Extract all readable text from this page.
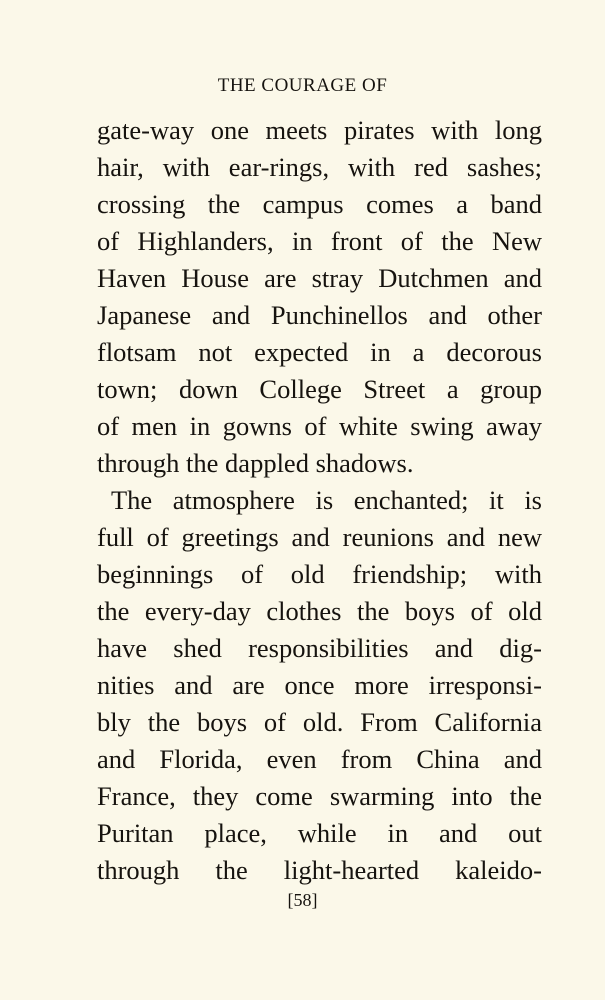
THE COURAGE OF
gate-way one meets pirates with long
hair, with ear-rings, with red sashes;
crossing the campus comes a band
of Highlanders, in front of the New
Haven House are stray Dutchmen and
Japanese and Punchinellos and other
flotsam not expected in a decorous
town; down College Street a group
of men in gowns of white swing away
through the dappled shadows.
The atmosphere is enchanted; it is
full of greetings and reunions and new
beginnings of old friendship; with
the every-day clothes the boys of old
have shed responsibilities and dig-
nities and are once more irresponsi-
bly the boys of old. From California
and Florida, even from China and
France, they come swarming into the
Puritan place, while in and out
through the light-hearted kaleido-
[58]
